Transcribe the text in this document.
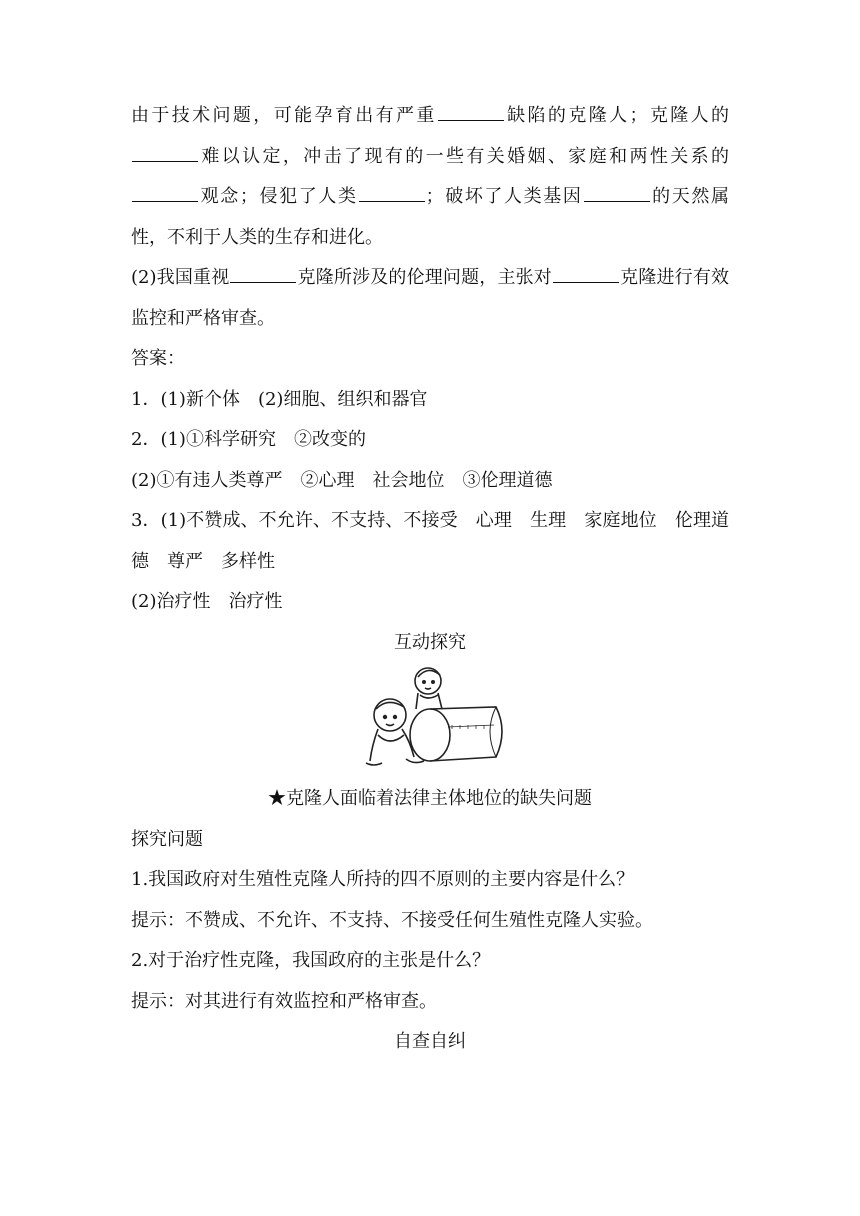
由于技术问题，可能孕育出有严重	缺陷的克隆人；克隆人的难以认定，冲击了现有的一些有关婚姻、家庭和两性关系的观念；侵犯了人类	；破坏了人类基因	的天然属性，不利于人类的生存和进化。

(2)我国重视	克隆所涉及的伦理问题，主张对	克隆进行有效监控和严格审查。

答案：

1．(1)新个体 (2)细胞、组织和器官

2．(1)①科学研究 ②改变的

(2)①有违人类尊严 ②心理 社会地位 ③伦理道德

3．(1)不赞成、不允许、不支持、不接受 心理 生理 家庭地位 伦理道德 尊严 多样性

(2)治疗性 治疗性

互动探究

★克隆人面临着法律主体地位的缺失问题

探究问题

1.我国政府对生殖性克隆人所持的四不原则的主要内容是什么？

提示：不赞成、不允许、不支持、不接受任何生殖性克隆人实验。

2.对于治疗性克隆，我国政府的主张是什么？

提示：对其进行有效监控和严格审查。

自查自纠
